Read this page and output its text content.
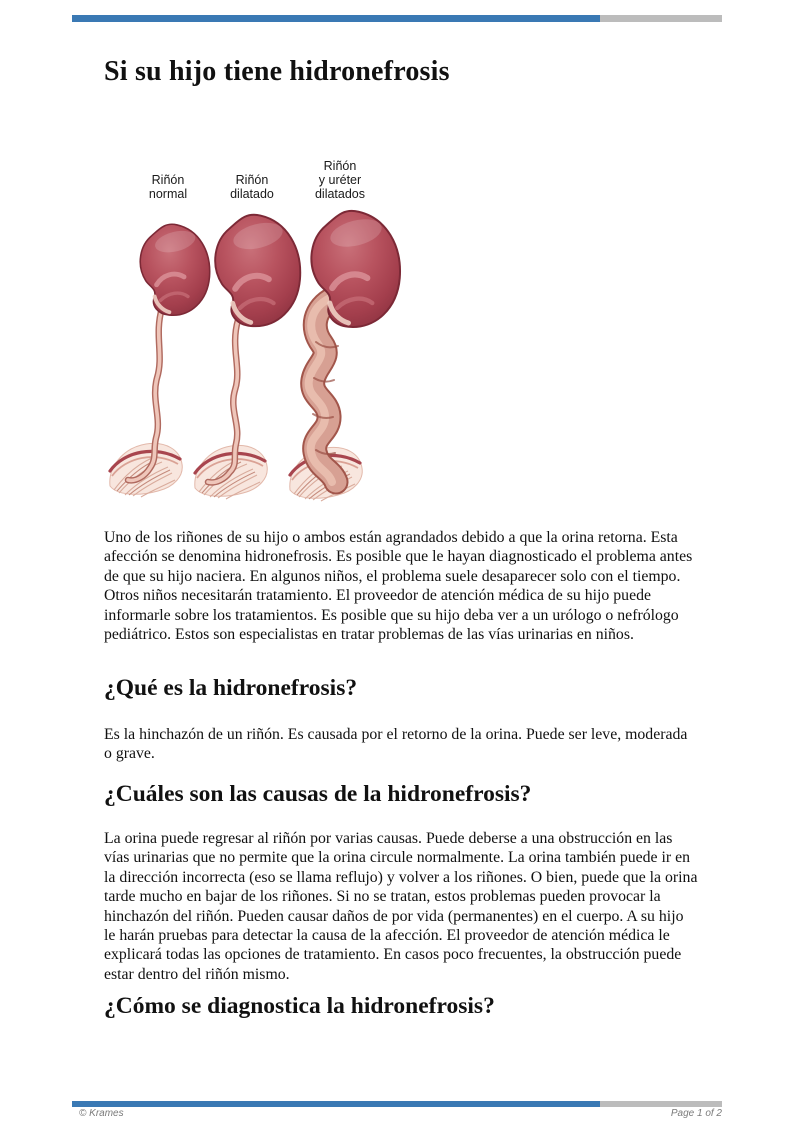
Si su hijo tiene hidronefrosis
Riñón
normal
Riñón
dilatado
Riñón
y uréter
dilatados

Uno de los riñones de su hijo o ambos están agrandados debido a que la orina retorna. Esta afección se denomina hidronefrosis. Es posible que le hayan diagnosticado el problema antes de que su hijo naciera. En algunos niños, el problema suele desaparecer solo con el tiempo. Otros niños necesitarán tratamiento. El proveedor de atención médica de su hijo puede informarle sobre los tratamientos. Es posible que su hijo deba ver a un urólogo o nefrólogo pediátrico. Estos son especialistas en tratar problemas de las vías urinarias en niños.

¿Qué es la hidronefrosis?

Es la hinchazón de un riñón. Es causada por el retorno de la orina. Puede ser leve, moderada o grave.

¿Cuáles son las causas de la hidronefrosis?

La orina puede regresar al riñón por varias causas. Puede deberse a una obstrucción en las vías urinarias que no permite que la orina circule normalmente. La orina también puede ir en la dirección incorrecta (eso se llama reflujo) y volver a los riñones. O bien, puede que la orina tarde mucho en bajar de los riñones. Si no se tratan, estos problemas pueden provocar la hinchazón del riñón. Pueden causar daños de por vida (permanentes) en el cuerpo. A su hijo le harán pruebas para detectar la causa de la afección. El proveedor de atención médica le explicará todas las opciones de tratamiento. En casos poco frecuentes, la obstrucción puede estar dentro del riñón mismo.

¿Cómo se diagnostica la hidronefrosis?
© Krames	Page 1 of 2
